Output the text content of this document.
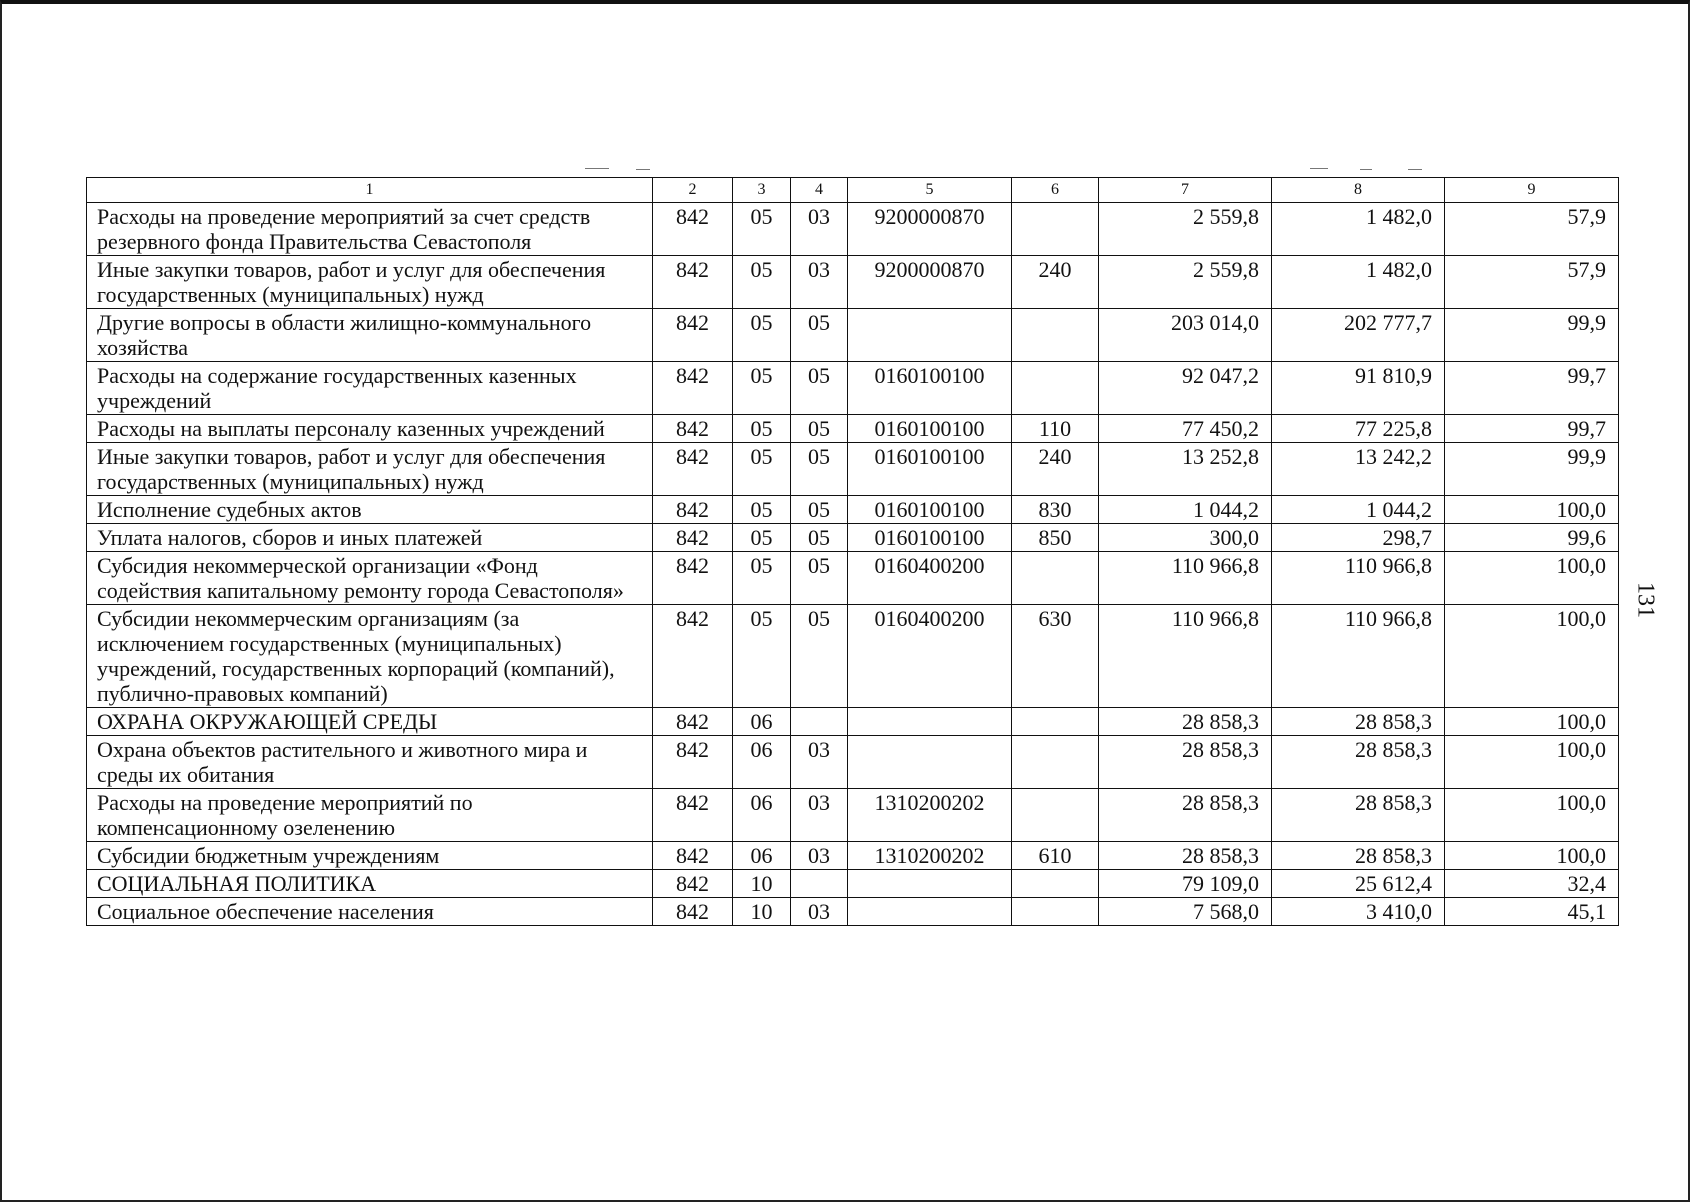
131
1	2	3	4	5	6	7	8	9
Расходы на проведение мероприятий за счет средств резервного фонда Правительства Севастополя	842	05	03	9200000870		2 559,8	1 482,0	57,9
Иные закупки товаров, работ и услуг для обеспечения государственных (муниципальных) нужд	842	05	03	9200000870	240	2 559,8	1 482,0	57,9
Другие вопросы в области жилищно-коммунального хозяйства	842	05	05			203 014,0	202 777,7	99,9
Расходы на содержание государственных казенных учреждений	842	05	05	0160100100		92 047,2	91 810,9	99,7
Расходы на выплаты персоналу казенных учреждений	842	05	05	0160100100	110	77 450,2	77 225,8	99,7
Иные закупки товаров, работ и услуг для обеспечения государственных (муниципальных) нужд	842	05	05	0160100100	240	13 252,8	13 242,2	99,9
Исполнение судебных актов	842	05	05	0160100100	830	1 044,2	1 044,2	100,0
Уплата налогов, сборов и иных платежей	842	05	05	0160100100	850	300,0	298,7	99,6
Субсидия некоммерческой организации «Фонд содействия капитальному ремонту города Севастополя»	842	05	05	0160400200		110 966,8	110 966,8	100,0
Субсидии некоммерческим организациям (за исключением государственных (муниципальных) учреждений, государственных корпораций (компаний), публично-правовых компаний)	842	05	05	0160400200	630	110 966,8	110 966,8	100,0
ОХРАНА ОКРУЖАЮЩЕЙ СРЕДЫ	842	06				28 858,3	28 858,3	100,0
Охрана объектов растительного и животного мира и среды их обитания	842	06	03			28 858,3	28 858,3	100,0
Расходы на проведение мероприятий по компенсационному озеленению	842	06	03	1310200202		28 858,3	28 858,3	100,0
Субсидии бюджетным учреждениям	842	06	03	1310200202	610	28 858,3	28 858,3	100,0
СОЦИАЛЬНАЯ ПОЛИТИКА	842	10				79 109,0	25 612,4	32,4
Социальное обеспечение населения	842	10	03			7 568,0	3 410,0	45,1
